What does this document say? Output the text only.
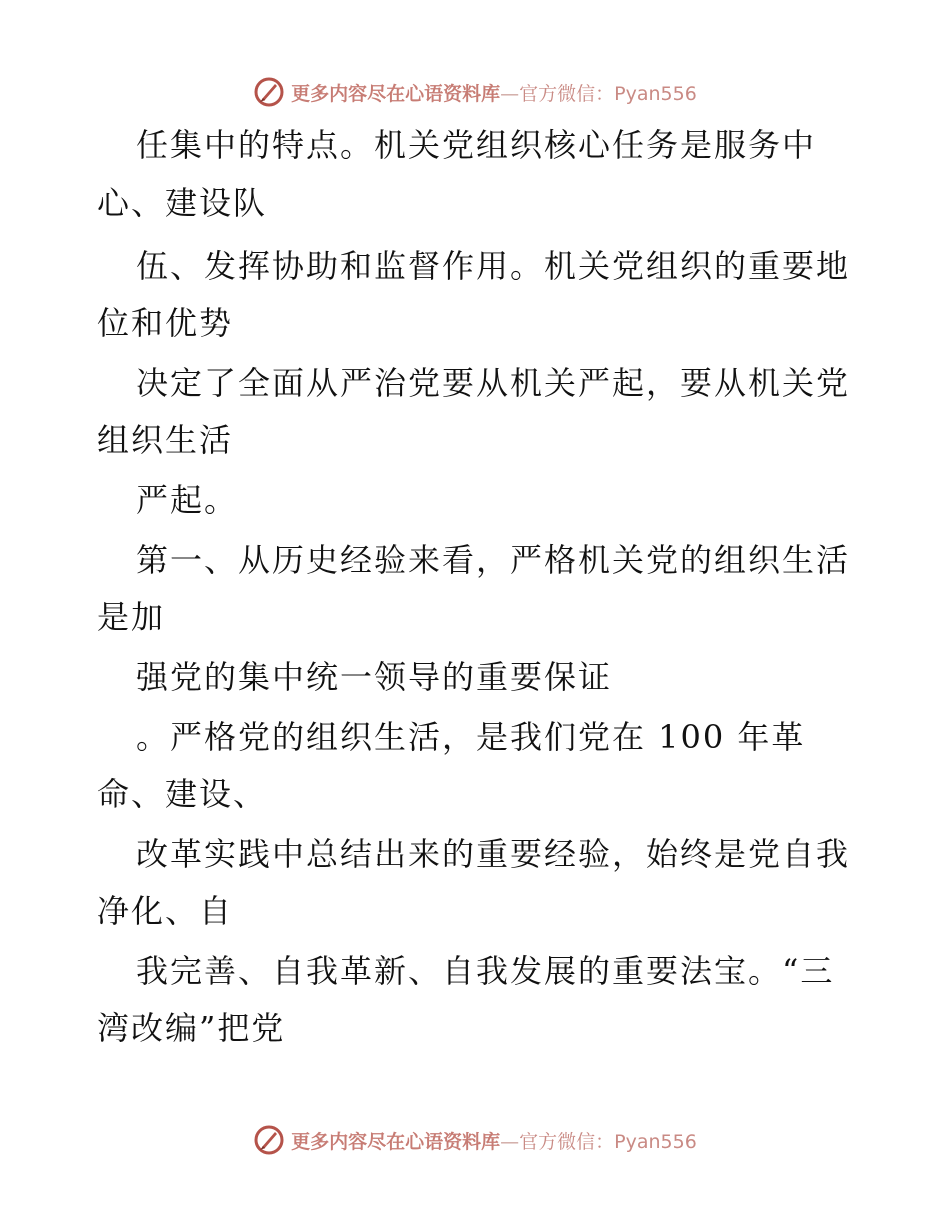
更多内容尽在心语资料库—官方微信：Pyan556
任集中的特点。机关党组织核心任务是服务中
心、建设队
伍、发挥协助和监督作用。机关党组织的重要地
位和优势
决定了全面从严治党要从机关严起，要从机关党
组织生活
严起。
第一、从历史经验来看，严格机关党的组织生活
是加
强党的集中统一领导的重要保证
。严格党的组织生活，是我们党在 100 年革
命、建设、
改革实践中总结出来的重要经验，始终是党自我
净化、自
我完善、自我革新、自我发展的重要法宝。“三
湾改编”把党
更多内容尽在心语资料库—官方微信：Pyan556
